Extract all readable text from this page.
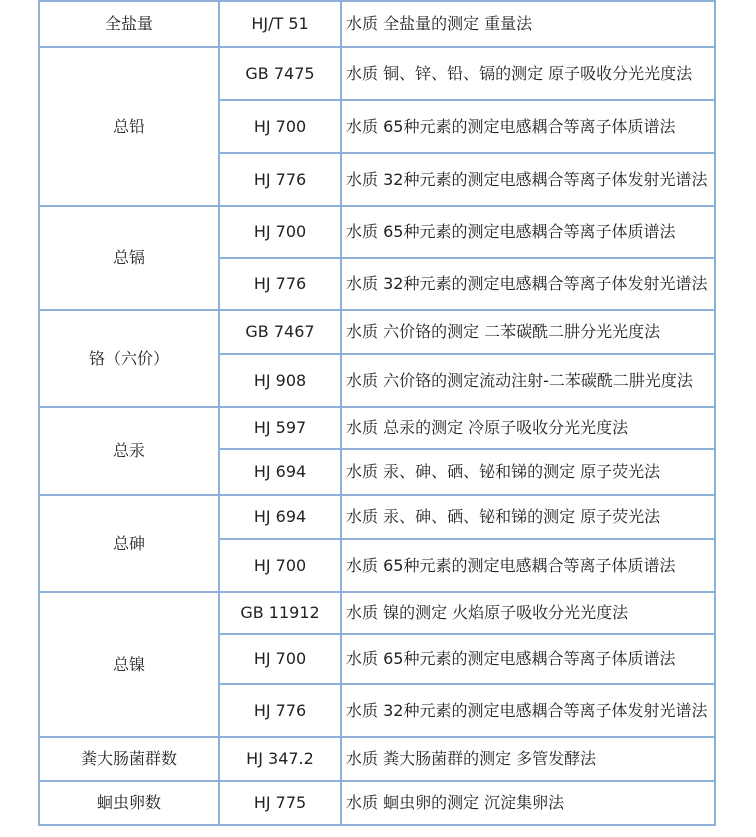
全盐量	HJ/T 51	水质 全盐量的测定 重量法
总铅	GB 7475	水质 铜、锌、铅、镉的测定 原子吸收分光光度法
	HJ 700	水质 65种元素的测定电感耦合等离子体质谱法
	HJ 776	水质 32种元素的测定电感耦合等离子体发射光谱法
总镉	HJ 700	水质 65种元素的测定电感耦合等离子体质谱法
	HJ 776	水质 32种元素的测定电感耦合等离子体发射光谱法
铬（六价）	GB 7467	水质 六价铬的测定 二苯碳酰二肼分光光度法
	HJ 908	水质 六价铬的测定流动注射-二苯碳酰二肼光度法
总汞	HJ 597	水质 总汞的测定 冷原子吸收分光光度法
	HJ 694	水质 汞、砷、硒、铋和锑的测定 原子荧光法
总砷	HJ 694	水质 汞、砷、硒、铋和锑的测定 原子荧光法
	HJ 700	水质 65种元素的测定电感耦合等离子体质谱法
总镍	GB 11912	水质 镍的测定 火焰原子吸收分光光度法
	HJ 700	水质 65种元素的测定电感耦合等离子体质谱法
	HJ 776	水质 32种元素的测定电感耦合等离子体发射光谱法
粪大肠菌群数	HJ 347.2	水质 粪大肠菌群的测定 多管发酵法
蛔虫卵数	HJ 775	水质 蛔虫卵的测定 沉淀集卵法
